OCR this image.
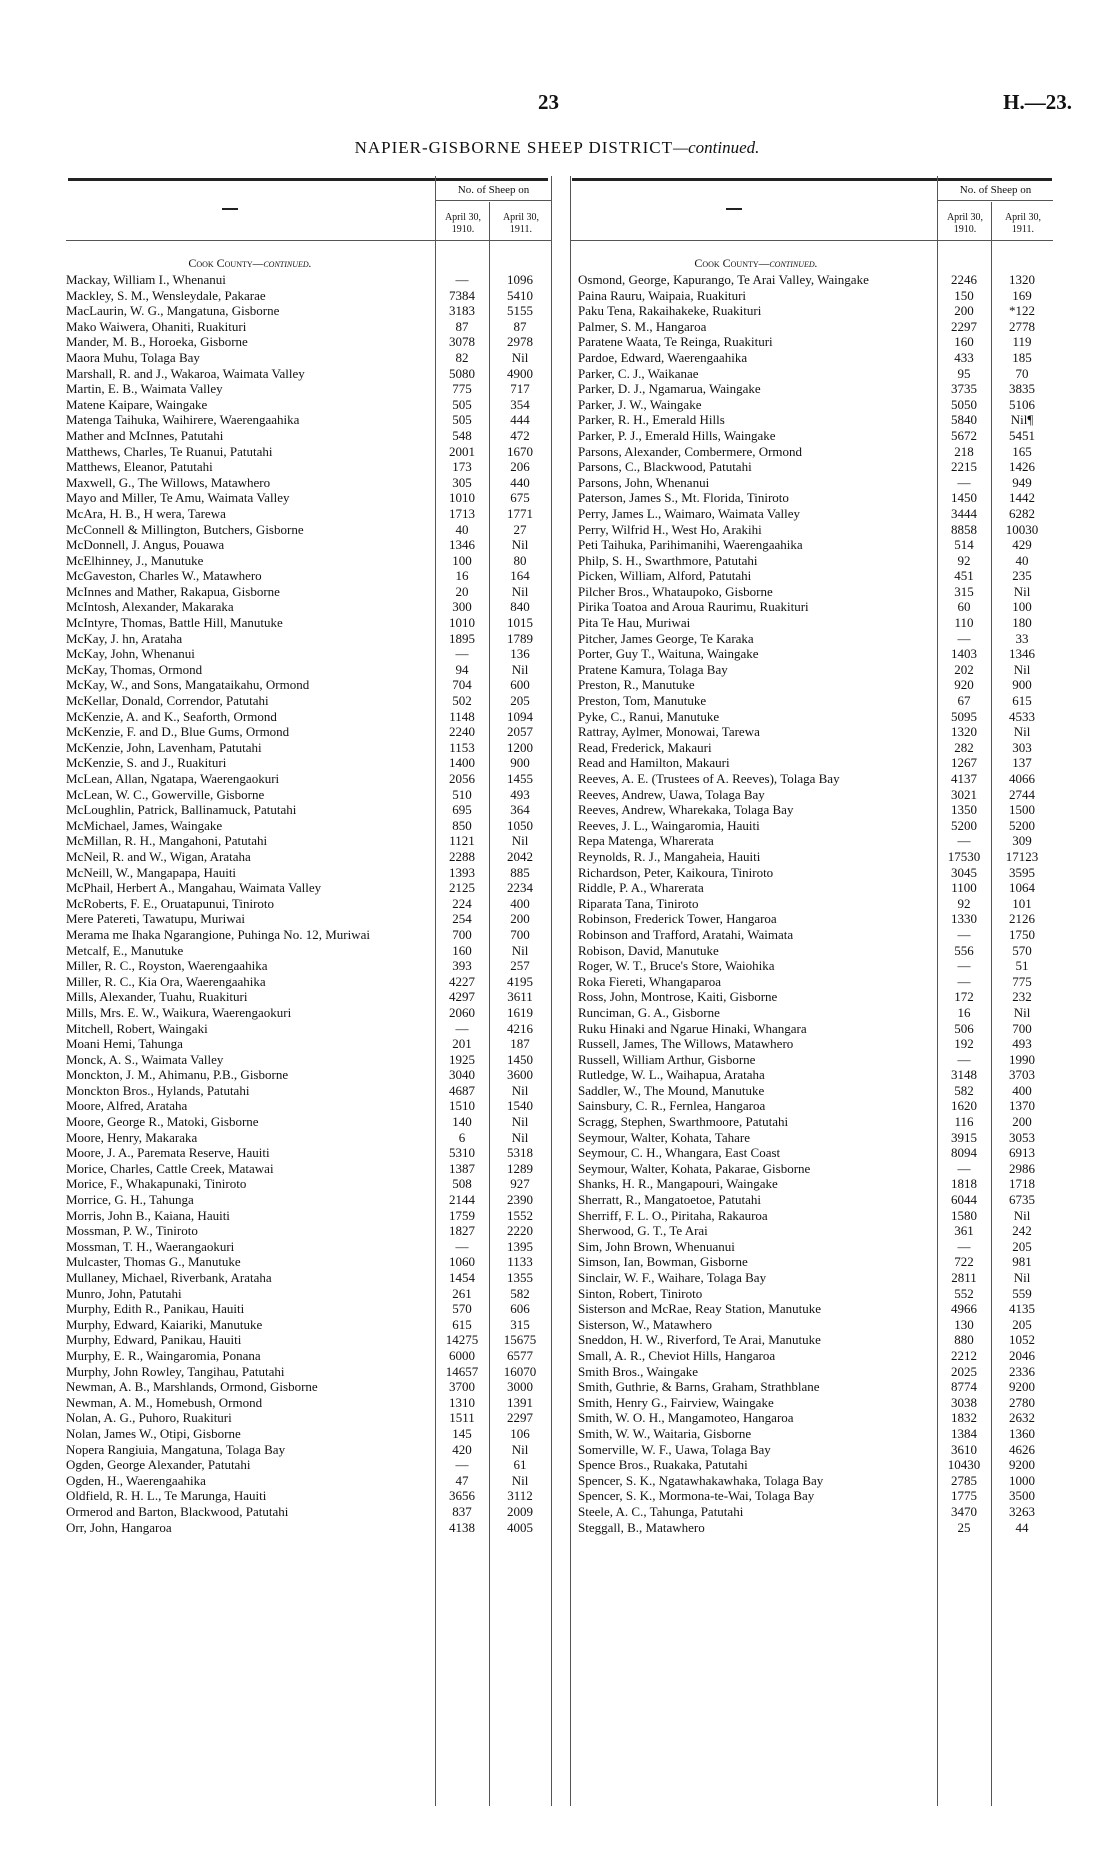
23	H.—23.
NAPIER-GISBORNE SHEEP DISTRICT—continued.
No. of Sheep on
April 30, 1910.
April 30, 1911.
Cook County—continued.
Mackay, William I., Whenanui	—	1096
Mackley, S. M., Wensleydale, Pakarae	7384	5410
MacLaurin, W. G., Mangatuna, Gisborne	3183	5155
Mako Waiwera, Ohaniti, Ruakituri	87	87
Mander, M. B., Horoeka, Gisborne	3078	2978
Maora Muhu, Tolaga Bay	82	Nil
Marshall, R. and J., Wakaroa, Waimata Valley	5080	4900
Martin, E. B., Waimata Valley	775	717
Matene Kaipare, Waingake	505	354
Matenga Taihuka, Waihirere, Waerengaahika	505	444
Mather and McInnes, Patutahi	548	472
Matthews, Charles, Te Ruanui, Patutahi	2001	1670
Matthews, Eleanor, Patutahi	173	206
Maxwell, G., The Willows, Matawhero	305	440
Mayo and Miller, Te Amu, Waimata Valley	1010	675
McAra, H. B., H wera, Tarewa	1713	1771
McConnell & Millington, Butchers, Gisborne	40	27
McDonnell, J. Angus, Pouawa	1346	Nil
McElhinney, J., Manutuke	100	80
McGaveston, Charles W., Matawhero	16	164
McInnes and Mather, Rakapua, Gisborne	20	Nil
McIntosh, Alexander, Makaraka	300	840
McIntyre, Thomas, Battle Hill, Manutuke	1010	1015
McKay, J. hn, Arataha	1895	1789
McKay, John, Whenanui	—	136
McKay, Thomas, Ormond	94	Nil
McKay, W., and Sons, Mangataikahu, Ormond	704	600
McKellar, Donald, Correndor, Patutahi	502	205
McKenzie, A. and K., Seaforth, Ormond	1148	1094
McKenzie, F. and D., Blue Gums, Ormond	2240	2057
McKenzie, John, Lavenham, Patutahi	1153	1200
McKenzie, S. and J., Ruakituri	1400	900
McLean, Allan, Ngatapa, Waerengaokuri	2056	1455
McLean, W. C., Gowerville, Gisborne	510	493
McLoughlin, Patrick, Ballinamuck, Patutahi	695	364
McMichael, James, Waingake	850	1050
McMillan, R. H., Mangahoni, Patutahi	1121	Nil
McNeil, R. and W., Wigan, Arataha	2288	2042
McNeill, W., Mangapapa, Hauiti	1393	885
McPhail, Herbert A., Mangahau, Waimata Valley	2125	2234
McRoberts, F. E., Oruatapunui, Tiniroto	224	400
Mere Patereti, Tawatupu, Muriwai	254	200
Merama me Ihaka Ngarangione, Puhinga No. 12, Muriwai	700	700
Metcalf, E., Manutuke	160	Nil
Miller, R. C., Royston, Waerengaahika	393	257
Miller, R. C., Kia Ora, Waerengaahika	4227	4195
Mills, Alexander, Tuahu, Ruakituri	4297	3611
Mills, Mrs. E. W., Waikura, Waerengaokuri	2060	1619
Mitchell, Robert, Waingaki	—	4216
Moani Hemi, Tahunga	201	187
Monck, A. S., Waimata Valley	1925	1450
Monckton, J. M., Ahimanu, P.B., Gisborne	3040	3600
Monckton Bros., Hylands, Patutahi	4687	Nil
Moore, Alfred, Arataha	1510	1540
Moore, George R., Matoki, Gisborne	140	Nil
Moore, Henry, Makaraka	6	Nil
Moore, J. A., Paremata Reserve, Hauiti	5310	5318
Morice, Charles, Cattle Creek, Matawai	1387	1289
Morice, F., Whakapunaki, Tiniroto	508	927
Morrice, G. H., Tahunga	2144	2390
Morris, John B., Kaiana, Hauiti	1759	1552
Mossman, P. W., Tiniroto	1827	2220
Mossman, T. H., Waerangaokuri	—	1395
Mulcaster, Thomas G., Manutuke	1060	1133
Mullaney, Michael, Riverbank, Arataha	1454	1355
Munro, John, Patutahi	261	582
Murphy, Edith R., Panikau, Hauiti	570	606
Murphy, Edward, Kaiariki, Manutuke	615	315
Murphy, Edward, Panikau, Hauiti	14275	15675
Murphy, E. R., Waingaromia, Ponana	6000	6577
Murphy, John Rowley, Tangihau, Patutahi	14657	16070
Newman, A. B., Marshlands, Ormond, Gisborne	3700	3000
Newman, A. M., Homebush, Ormond	1310	1391
Nolan, A. G., Puhoro, Ruakituri	1511	2297
Nolan, James W., Otipi, Gisborne	145	106
Nopera Rangiuia, Mangatuna, Tolaga Bay	420	Nil
Ogden, George Alexander, Patutahi	—	61
Ogden, H., Waerengaahika	47	Nil
Oldfield, R. H. L., Te Marunga, Hauiti	3656	3112
Ormerod and Barton, Blackwood, Patutahi	837	2009
Orr, John, Hangaroa	4138	4005
No. of Sheep on
April 30, 1910.
April 30, 1911.
Cook County—continued.
Osmond, George, Kapurango, Te Arai Valley, Waingake	2246	1320
Paina Rauru, Waipaia, Ruakituri	150	169
Paku Tena, Rakaihakeke, Ruakituri	200	*122
Palmer, S. M., Hangaroa	2297	2778
Paratene Waata, Te Reinga, Ruakituri	160	119
Pardoe, Edward, Waerengaahika	433	185
Parker, C. J., Waikanae	95	70
Parker, D. J., Ngamarua, Waingake	3735	3835
Parker, J. W., Waingake	5050	5106
Parker, R. H., Emerald Hills	5840	Nil¶
Parker, P. J., Emerald Hills, Waingake	5672	5451
Parsons, Alexander, Combermere, Ormond	218	165
Parsons, C., Blackwood, Patutahi	2215	1426
Parsons, John, Whenanui	—	949
Paterson, James S., Mt. Florida, Tiniroto	1450	1442
Perry, James L., Waimaro, Waimata Valley	3444	6282
Perry, Wilfrid H., West Ho, Arakihi	8858	10030
Peti Taihuka, Parihimanihi, Waerengaahika	514	429
Philp, S. H., Swarthmore, Patutahi	92	40
Picken, William, Alford, Patutahi	451	235
Pilcher Bros., Whataupoko, Gisborne	315	Nil
Pirika Toatoa and Aroua Raurimu, Ruakituri	60	100
Pita Te Hau, Muriwai	110	180
Pitcher, James George, Te Karaka	—	33
Porter, Guy T., Waituna, Waingake	1403	1346
Pratene Kamura, Tolaga Bay	202	Nil
Preston, R., Manutuke	920	900
Preston, Tom, Manutuke	67	615
Pyke, C., Ranui, Manutuke	5095	4533
Rattray, Aylmer, Monowai, Tarewa	1320	Nil
Read, Frederick, Makauri	282	303
Read and Hamilton, Makauri	1267	137
Reeves, A. E. (Trustees of A. Reeves), Tolaga Bay	4137	4066
Reeves, Andrew, Uawa, Tolaga Bay	3021	2744
Reeves, Andrew, Wharekaka, Tolaga Bay	1350	1500
Reeves, J. L., Waingaromia, Hauiti	5200	5200
Repa Matenga, Wharerata	—	309
Reynolds, R. J., Mangaheia, Hauiti	17530	17123
Richardson, Peter, Kaikoura, Tiniroto	3045	3595
Riddle, P. A., Wharerata	1100	1064
Riparata Tana, Tiniroto	92	101
Robinson, Frederick Tower, Hangaroa	1330	2126
Robinson and Trafford, Aratahi, Waimata	—	1750
Robison, David, Manutuke	556	570
Roger, W. T., Bruce's Store, Waiohika	—	51
Roka Fiereti, Whangaparoa	—	775
Ross, John, Montrose, Kaiti, Gisborne	172	232
Runciman, G. A., Gisborne	16	Nil
Ruku Hinaki and Ngarue Hinaki, Whangara	506	700
Russell, James, The Willows, Matawhero	192	493
Russell, William Arthur, Gisborne	—	1990
Rutledge, W. L., Waihapua, Arataha	3148	3703
Saddler, W., The Mound, Manutuke	582	400
Sainsbury, C. R., Fernlea, Hangaroa	1620	1370
Scragg, Stephen, Swarthmoore, Patutahi	116	200
Seymour, Walter, Kohata, Tahare	3915	3053
Seymour, C. H., Whangara, East Coast	8094	6913
Seymour, Walter, Kohata, Pakarae, Gisborne	—	2986
Shanks, H. R., Mangapouri, Waingake	1818	1718
Sherratt, R., Mangatoetoe, Patutahi	6044	6735
Sherriff, F. L. O., Piritaha, Rakauroa	1580	Nil
Sherwood, G. T., Te Arai	361	242
Sim, John Brown, Whenuanui	—	205
Simson, Ian, Bowman, Gisborne	722	981
Sinclair, W. F., Waihare, Tolaga Bay	2811	Nil
Sinton, Robert, Tiniroto	552	559
Sisterson and McRae, Reay Station, Manutuke	4966	4135
Sisterson, W., Matawhero	130	205
Sneddon, H. W., Riverford, Te Arai, Manutuke	880	1052
Small, A. R., Cheviot Hills, Hangaroa	2212	2046
Smith Bros., Waingake	2025	2336
Smith, Guthrie, & Barns, Graham, Strathblane	8774	9200
Smith, Henry G., Fairview, Waingake	3038	2780
Smith, W. O. H., Mangamoteo, Hangaroa	1832	2632
Smith, W. W., Waitaria, Gisborne	1384	1360
Somerville, W. F., Uawa, Tolaga Bay	3610	4626
Spence Bros., Ruakaka, Patutahi	10430	9200
Spencer, S. K., Ngatawhakawhaka, Tolaga Bay	2785	1000
Spencer, S. K., Mormona-te-Wai, Tolaga Bay	1775	3500
Steele, A. C., Tahunga, Patutahi	3470	3263
Steggall, B., Matawhero	25	44
